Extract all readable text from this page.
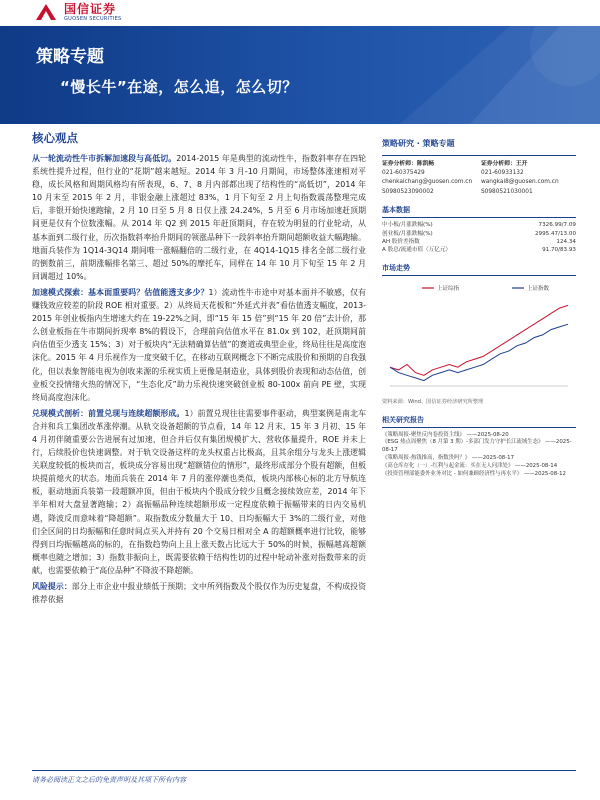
国信证券
GUOSEN SECURITIES
策略专题
“慢长牛”在途，怎么追，怎么切？
核心观点

从一轮流动性牛市拆解加速段与高低切。2014-2015 年是典型的流动性牛，指数斜率存在四轮系统性提升过程，但行业的“花期”越来越短。2014 年 3 月-10 月期间，市场整体涨速相对平稳，成长风格和周期风格均有所表现，6、7、8 月内部都出现了结构性的“高低切”，2014 年 10 月末至 2015 年 2 月，非银金融上涨超过 83%，1 月下旬至 2 月上旬指数震荡整理完成后，非银开始快速跑输，2 月 10 日至 5 月 8 日仅上涨 24.24%，5 月至 6 月市场加速赶顶期间更是仅有个位数涨幅。从 2014 年 Q2 到 2015 年赶顶期间，存在较为明显的行业轮动，从基本面到二级行业，历次指数斜率抬升期间的领涨品种下一段斜率抬升期间超额收益大幅跑输。地面兵装作为 1Q14-3Q14 期间唯一涨幅翻倍的二级行业，在 4Q14-1Q15 排名全部二级行业的倒数前三，前期涨幅排名第三、超过 50%的摩托车，同样在 14 年 10 月下旬至 15 年 2 月回调超过 10%。

加速模式探索：基本面重要吗？估值能透支多少？1）流动性牛市途中对基本面并不敏感，仅有赚钱效应较差的阶段 ROE 相对重要。2）从终局天花板和“外延式并表”看估值透支幅度，2013-2015 年创业板指内生增速大约在 19-22%之间，即“15 年 15 倍”到“15 年 20 倍”去计价，那么创业板指在牛市期间折现率 8%的假设下，合理前向估值水平在 81.0x 到 102，赶顶期间前向估值至少透支 15%；3）对于板块内“无法精确算估值”的赛道或典型企业，终局往往是高度泡沫化。2015 年 4 月乐视作为一度突破千亿，在移动互联网概念下不断完成股价和预期的自我强化，但以表象智能电视为创收来源的乐视实质上更像是制造业，具体到股价表现和动态估值，创业板交投情绪火热的情况下，“生态化反”助力乐视快速突破创业板 80-100x 前向 PE 壁，实现终局高度泡沫化。

兑现模式剖析：前置兑现与连续超额形成。1）前置兑现往往需要事件驱动，典型案例是南北车合并和兵工集团改革涨停潮。从轨交设备超额的节点看，14 年 12 月末、15 年 3 月初、15 年 4 月初伴随重要公告进展有过加速，但合并后仅有集团规模扩大、营收体量提升，ROE 并未上行，后续股价也快速调整。对于轨交设备这样的龙头权重占比极高，且其余组分与龙头上涨逻辑关联度较低的板块而言，板块成分容易出现“超额错位的情形”，最终形成部分个股有超额，但板块提前熄火的状态。地面兵装在 2014 年 7 月的涨停潮也类似，板块内部核心标的北方导航连板，驱动地面兵装第一段超额冲顶，但由于板块内个股成分较少且概念接续效应差，2014 年下半年相对大盘显著跑输；2）高振幅品种连续超额形成一定程度依赖于振幅带来的日内交易机遇，降波反而意味着“降超额”。取指数成分数量大于 10、日均振幅大于 3%的二级行业，对他们全区间的日均振幅和任意时间点买入并持有 20 个交易日相对全 A 的超额概率进行比较，能够得到日均振幅越高的标的，在指数趋势向上且上涨天数占比远大于 50%的时候，振幅越高超额概率也随之增加；3）指数非振向上，既需要依赖于结构性切的过程中轮动补涨对指数带来的贡献，也需要依赖于“高位品种”不降波不降超额。

风险提示：部分上市企业中报业绩低于预期；文中所列指数及个股仅作为历史复盘，不构成投资推荐依据

策略研究 · 策略专题
证券分析师：陈凯畅
021-60375429
chenkaichang@guosen.com.cn
S0980523090002
证券分析师：王开
021-60933132
wangkai8@guosen.com.cn
S0980521030001
基本数据
中小板/月涨跌幅(%)	7326.99/7.09
创业板/月涨跌幅(%)	2995.47/13.00
AH 股价差指数	124.34
A 股总/流通市值（万亿元）	91.70/83.93
市场走势
上证综指	上证指数
资料来源：Wind、国信证券经济研究所整理
相关研究报告
《策略周报-聚焦反内卷投资主线》 ——2025-08-20
《ESG 热点周聚焦（8 月第 3 期）-多部门发力守护长江流域生态》 ——2025-08-17
《策略周报-热钱推高，指数贵吗？》 ——2025-08-17
《高仓库存化（一）-红利与起金流：买在无人问津处》 ——2025-08-14
《投资管理部能委外业务对比 - 如何兼顾经济性与再水平》 ——2025-08-12
请务必阅读正文之后的免责声明及其项下所有内容
